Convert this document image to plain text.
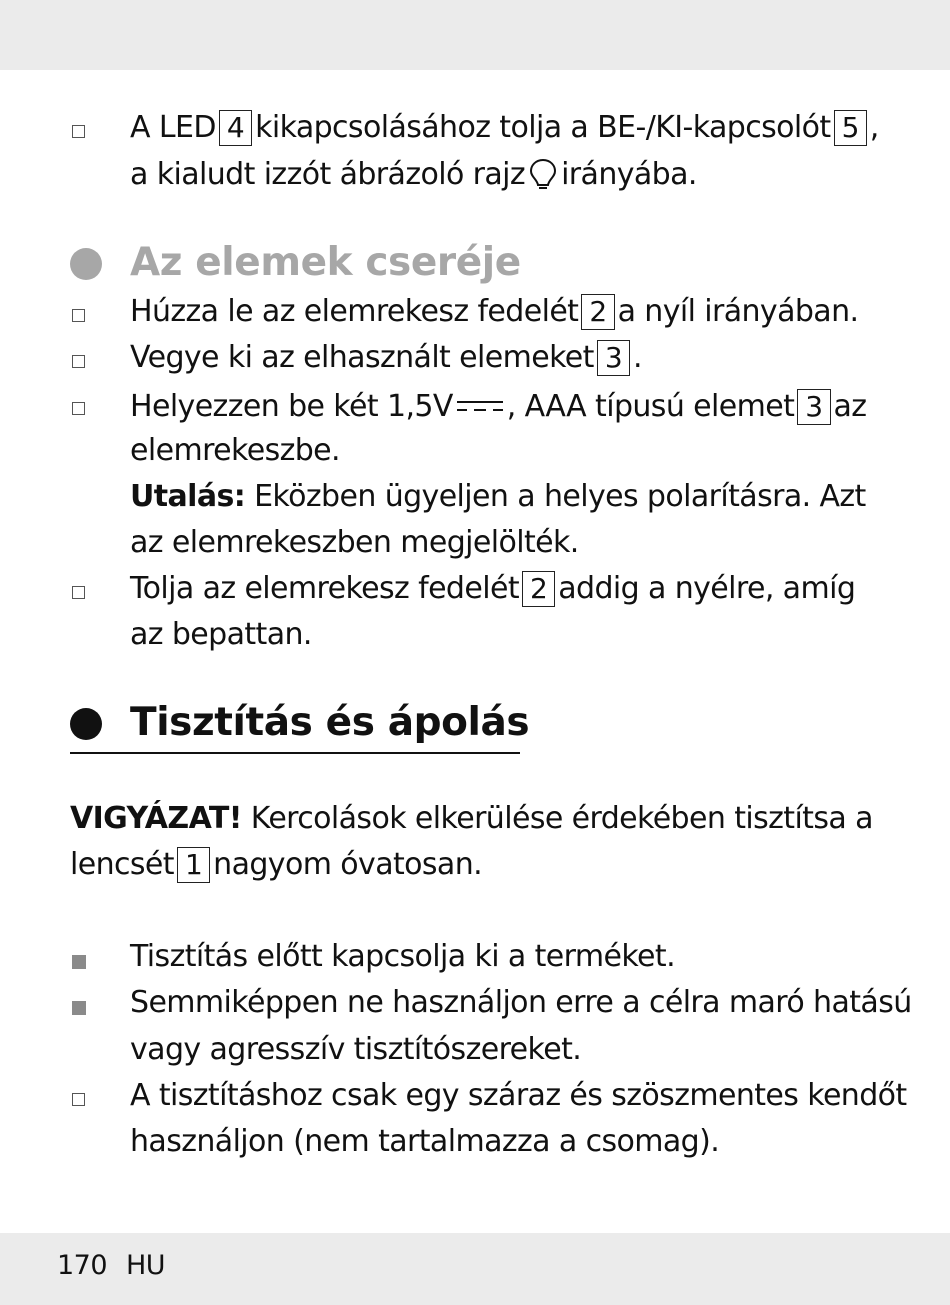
A LED 4 kikapcsolásához tolja a BE-/KI-kapcsolót 5 ,
a kialudt izzót ábrázoló rajz irányába.
Az elemek cseréje
Húzza le az elemrekesz fedelét 2 a nyíl irányában.
Vegye ki az elhasznált elemeket 3 .
Helyezzen be két 1,5V , AAA típusú elemet 3 az
elemrekeszbe.
Utalás: Eközben ügyeljen a helyes polarításra. Azt
az elemrekeszben megjelölték.
Tolja az elemrekesz fedelét 2 addig a nyélre, amíg
az bepattan.
Tisztítás és ápolás
VIGYÁZAT! Kercolások elkerülése érdekében tisztítsa a
lencsét 1 nagyom óvatosan.
Tisztítás előtt kapcsolja ki a terméket.
Semmiképpen ne használjon erre a célra maró hatású
vagy agresszív tisztítószereket.
A tisztításhoz csak egy száraz és szöszmentes kendőt
használjon (nem tartalmazza a csomag).
170 HU
